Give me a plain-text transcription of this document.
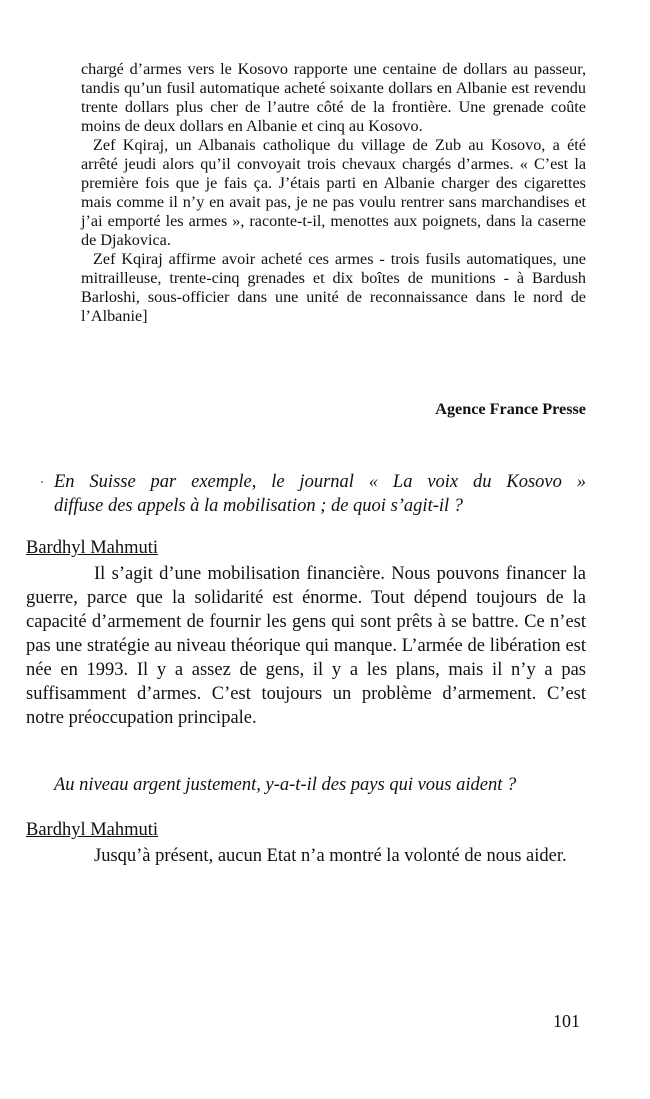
chargé d’armes vers le Kosovo rapporte une centaine de dollars au passeur, tandis qu’un fusil automatique acheté soixante dollars en Albanie est revendu trente dollars plus cher de l’autre côté de la frontière. Une grenade coûte moins de deux dollars en Albanie et cinq au Kosovo.

Zef Kqiraj, un Albanais catholique du village de Zub au Kosovo, a été arrêté jeudi alors qu’il convoyait trois chevaux chargés d’armes. « C’est la première fois que je fais ça. J’étais parti en Albanie charger des cigarettes mais comme il n’y en avait pas, je ne pas voulu rentrer sans marchandises et j’ai emporté les armes », raconte-t-il, menottes aux poignets, dans la caserne de Djakovica.

Zef Kqiraj affirme avoir acheté ces armes - trois fusils automatiques, une mitrailleuse, trente-cinq grenades et dix boîtes de munitions - à Bardush Barloshi, sous-officier dans une unité de reconnaissance dans le nord de l’Albanie]

Agence France Presse
En Suisse par exemple, le journal « La voix du Kosovo »
diffuse des appels à la mobilisation ; de quoi s’agit-il ?
Bardhyl Mahmuti

Il s’agit d’une mobilisation financière. Nous pouvons financer la guerre, parce que la solidarité est énorme. Tout dépend toujours de la capacité d’armement de fournir les gens qui sont prêts à se battre. Ce n’est pas une stratégie au niveau théorique qui manque. L’armée de libération est née en 1993. Il y a assez de gens, il y a les plans, mais il n’y a pas suffisamment d’armes. C’est toujours un problème d’armement. C’est notre préoccupation principale.

Au niveau argent justement, y-a-t-il des pays qui vous aident ?
Bardhyl Mahmuti

Jusqu’à présent, aucun Etat n’a montré la volonté de nous aider.

101
